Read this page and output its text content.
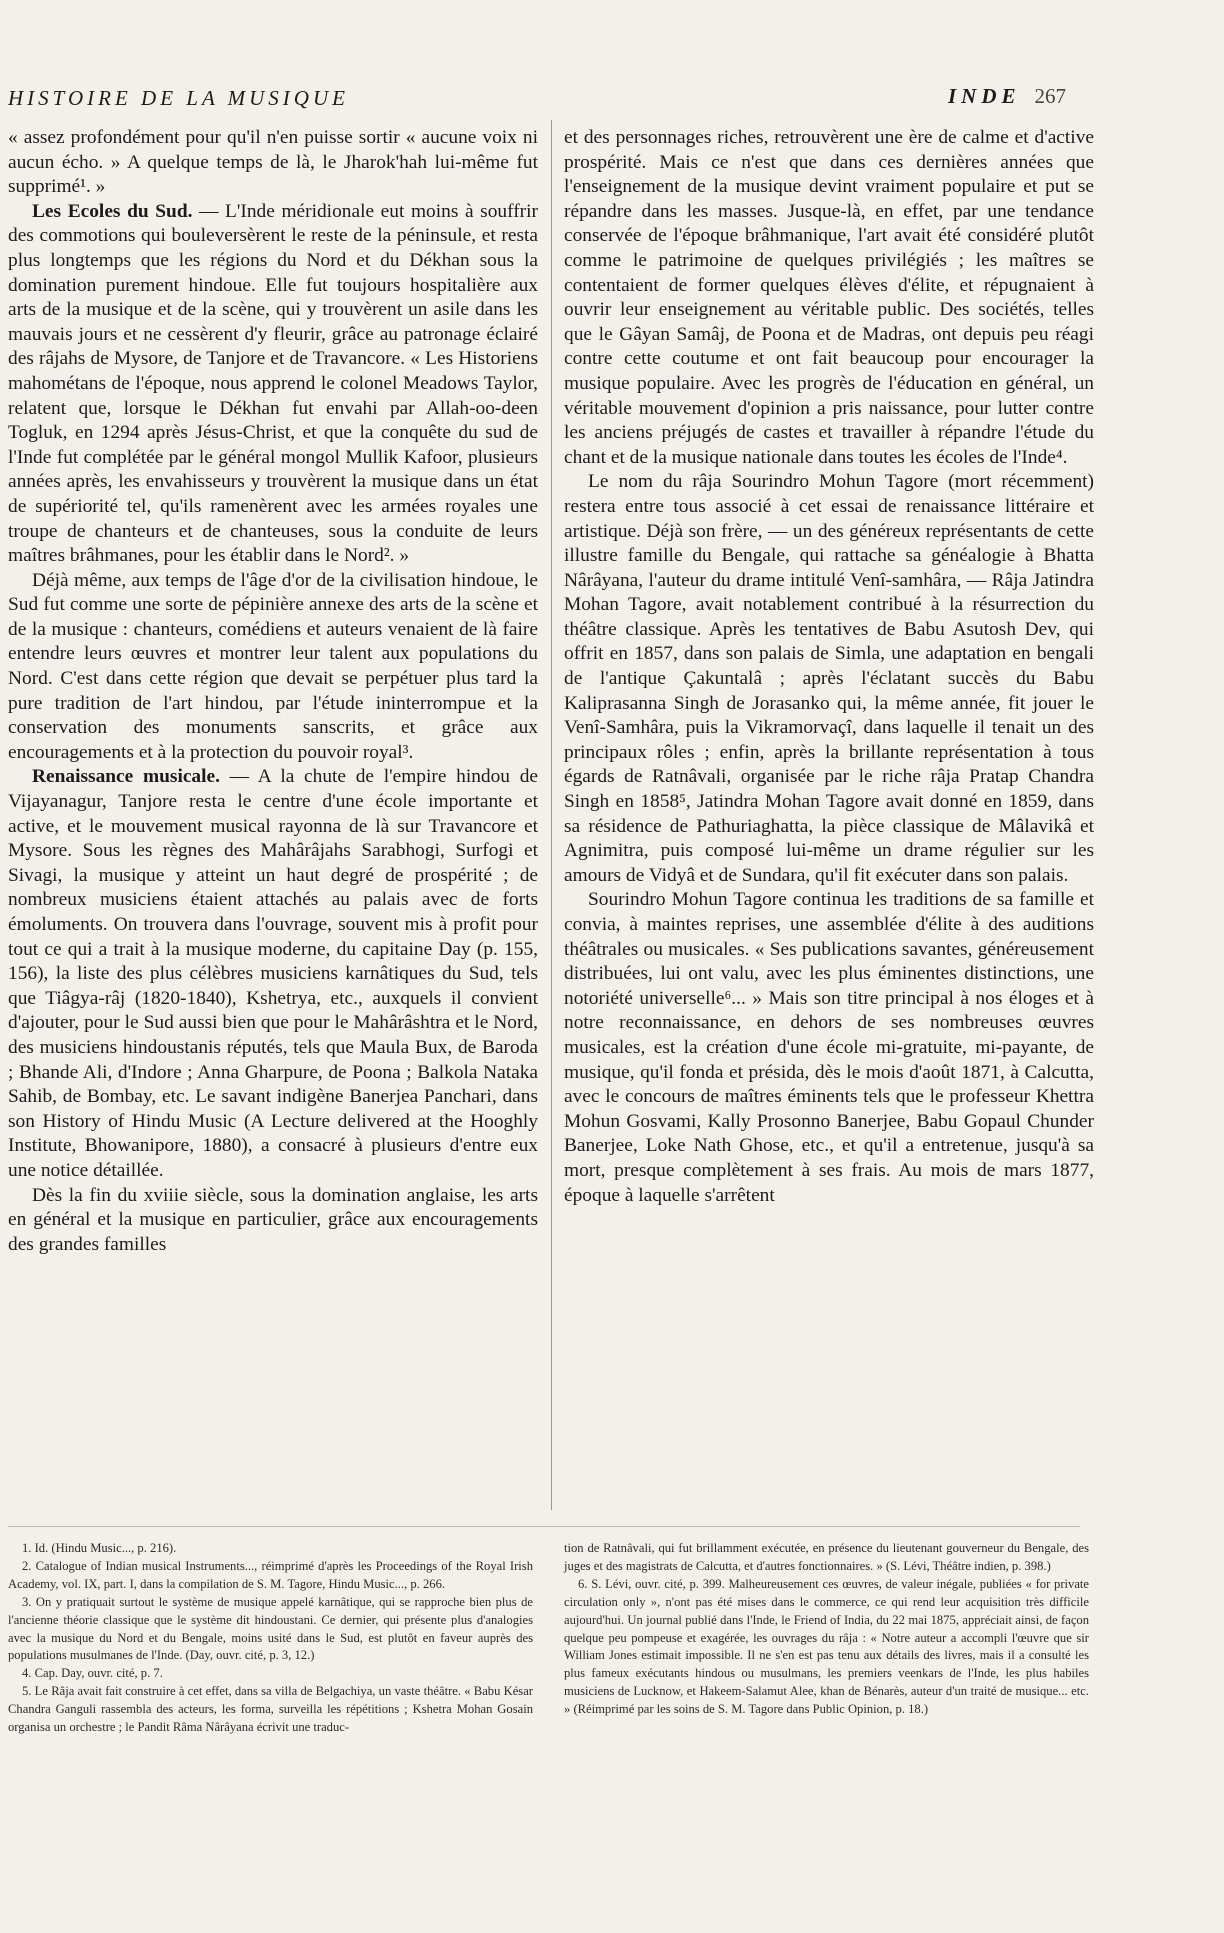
HISTOIRE DE LA MUSIQUE	INDE 267

« assez profondément pour qu'il n'en puisse sortir « aucune voix ni aucun écho. » A quelque temps de là, le Jharok'hah lui-même fut supprimé¹. »

Les Ecoles du Sud. — L'Inde méridionale eut moins à souffrir des commotions qui bouleversèrent le reste de la péninsule, et resta plus longtemps que les régions du Nord et du Dékhan sous la domination purement hindoue. Elle fut toujours hospitalière aux arts de la musique et de la scène, qui y trouvèrent un asile dans les mauvais jours et ne cessèrent d'y fleurir, grâce au patronage éclairé des râjahs de Mysore, de Tanjore et de Travancore. « Les Historiens mahométans de l'époque, nous apprend le colonel Meadows Taylor, relatent que, lorsque le Dékhan fut envahi par Allah-oo-deen Togluk, en 1294 après Jésus-Christ, et que la conquête du sud de l'Inde fut complétée par le général mongol Mullik Kafoor, plusieurs années après, les envahisseurs y trouvèrent la musique dans un état de supériorité tel, qu'ils ramenèrent avec les armées royales une troupe de chanteurs et de chanteuses, sous la conduite de leurs maîtres brâhmanes, pour les établir dans le Nord². »

Déjà même, aux temps de l'âge d'or de la civilisation hindoue, le Sud fut comme une sorte de pépinière annexe des arts de la scène et de la musique : chanteurs, comédiens et auteurs venaient de là faire entendre leurs œuvres et montrer leur talent aux populations du Nord. C'est dans cette région que devait se perpétuer plus tard la pure tradition de l'art hindou, par l'étude ininterrompue et la conservation des monuments sanscrits, et grâce aux encouragements et à la protection du pouvoir royal³.

Renaissance musicale. — A la chute de l'empire hindou de Vijayanagur, Tanjore resta le centre d'une école importante et active, et le mouvement musical rayonna de là sur Travancore et Mysore. Sous les règnes des Mahârâjahs Sarabhogi, Surfogi et Sivagi, la musique y atteint un haut degré de prospérité ; de nombreux musiciens étaient attachés au palais avec de forts émoluments. On trouvera dans l'ouvrage, souvent mis à profit pour tout ce qui a trait à la musique moderne, du capitaine Day (p. 155, 156), la liste des plus célèbres musiciens karnâtiques du Sud, tels que Tiâgya-râj (1820-1840), Kshetrya, etc., auxquels il convient d'ajouter, pour le Sud aussi bien que pour le Mahârâshtra et le Nord, des musiciens hindoustanis réputés, tels que Maula Bux, de Baroda ; Bhande Ali, d'Indore ; Anna Gharpure, de Poona ; Balkola Nataka Sahib, de Bombay, etc. Le savant indigène Banerjea Panchari, dans son History of Hindu Music (A Lecture delivered at the Hooghly Institute, Bhowanipore, 1880), a consacré à plusieurs d'entre eux une notice détaillée.

Dès la fin du xviiie siècle, sous la domination anglaise, les arts en général et la musique en particulier, grâce aux encouragements des grandes familles

et des personnages riches, retrouvèrent une ère de calme et d'active prospérité. Mais ce n'est que dans ces dernières années que l'enseignement de la musique devint vraiment populaire et put se répandre dans les masses. Jusque-là, en effet, par une tendance conservée de l'époque brâhmanique, l'art avait été considéré plutôt comme le patrimoine de quelques privilégiés ; les maîtres se contentaient de former quelques élèves d'élite, et répugnaient à ouvrir leur enseignement au véritable public. Des sociétés, telles que le Gâyan Samâj, de Poona et de Madras, ont depuis peu réagi contre cette coutume et ont fait beaucoup pour encourager la musique populaire. Avec les progrès de l'éducation en général, un véritable mouvement d'opinion a pris naissance, pour lutter contre les anciens préjugés de castes et travailler à répandre l'étude du chant et de la musique nationale dans toutes les écoles de l'Inde⁴.

Le nom du râja Sourindro Mohun Tagore (mort récemment) restera entre tous associé à cet essai de renaissance littéraire et artistique. Déjà son frère, — un des généreux représentants de cette illustre famille du Bengale, qui rattache sa généalogie à Bhatta Nârâyana, l'auteur du drame intitulé Venî-samhâra, — Râja Jatindra Mohan Tagore, avait notablement contribué à la résurrection du théâtre classique. Après les tentatives de Babu Asutosh Dev, qui offrit en 1857, dans son palais de Simla, une adaptation en bengali de l'antique Çakuntalâ ; après l'éclatant succès du Babu Kaliprasanna Singh de Jorasanko qui, la même année, fit jouer le Venî-Samhâra, puis la Vikramorvaçî, dans laquelle il tenait un des principaux rôles ; enfin, après la brillante représentation à tous égards de Ratnâvali, organisée par le riche râja Pratap Chandra Singh en 1858⁵, Jatindra Mohan Tagore avait donné en 1859, dans sa résidence de Pathuriaghatta, la pièce classique de Mâlavikâ et Agnimitra, puis composé lui-même un drame régulier sur les amours de Vidyâ et de Sundara, qu'il fit exécuter dans son palais.

Sourindro Mohun Tagore continua les traditions de sa famille et convia, à maintes reprises, une assemblée d'élite à des auditions théâtrales ou musicales. « Ses publications savantes, généreusement distribuées, lui ont valu, avec les plus éminentes distinctions, une notoriété universelle⁶... » Mais son titre principal à nos éloges et à notre reconnaissance, en dehors de ses nombreuses œuvres musicales, est la création d'une école mi-gratuite, mi-payante, de musique, qu'il fonda et présida, dès le mois d'août 1871, à Calcutta, avec le concours de maîtres éminents tels que le professeur Khettra Mohun Gosvami, Kally Prosonno Banerjee, Babu Gopaul Chunder Banerjee, Loke Nath Ghose, etc., et qu'il a entretenue, jusqu'à sa mort, presque complètement à ses frais. Au mois de mars 1877, époque à laquelle s'arrêtent

1. Id. (Hindu Music..., p. 216).

2. Catalogue of Indian musical Instruments..., réimprimé d'après les Proceedings of the Royal Irish Academy, vol. IX, part. I, dans la compilation de S. M. Tagore, Hindu Music..., p. 266.

3. On y pratiquait surtout le système de musique appelé karnâtique, qui se rapproche bien plus de l'ancienne théorie classique que le système dit hindoustani. Ce dernier, qui présente plus d'analogies avec la musique du Nord et du Bengale, moins usité dans le Sud, est plutôt en faveur auprès des populations musulmanes de l'Inde. (Day, ouvr. cité, p. 3, 12.)

4. Cap. Day, ouvr. cité, p. 7.

5. Le Râja avait fait construire à cet effet, dans sa villa de Belgachiya, un vaste théâtre. « Babu Késar Chandra Ganguli rassembla des acteurs, les forma, surveilla les répétitions ; Kshetra Mohan Gosain organisa un orchestre ; le Pandit Râma Nârâyana écrivit une traduc-

tion de Ratnâvali, qui fut brillamment exécutée, en présence du lieutenant gouverneur du Bengale, des juges et des magistrats de Calcutta, et d'autres fonctionnaires. » (S. Lévi, Théâtre indien, p. 398.)

6. S. Lévi, ouvr. cité, p. 399. Malheureusement ces œuvres, de valeur inégale, publiées « for private circulation only », n'ont pas été mises dans le commerce, ce qui rend leur acquisition très difficile aujourd'hui. Un journal publié dans l'Inde, le Friend of India, du 22 mai 1875, appréciait ainsi, de façon quelque peu pompeuse et exagérée, les ouvrages du râja : « Notre auteur a accompli l'œuvre que sir William Jones estimait impossible. Il ne s'en est pas tenu aux détails des livres, mais il a consulté les plus fameux exécutants hindous ou musulmans, les premiers veenkars de l'Inde, les plus habiles musiciens de Lucknow, et Hakeem-Salamut Alee, khan de Bénarès, auteur d'un traité de musique... etc. » (Réimprimé par les soins de S. M. Tagore dans Public Opinion, p. 18.)
